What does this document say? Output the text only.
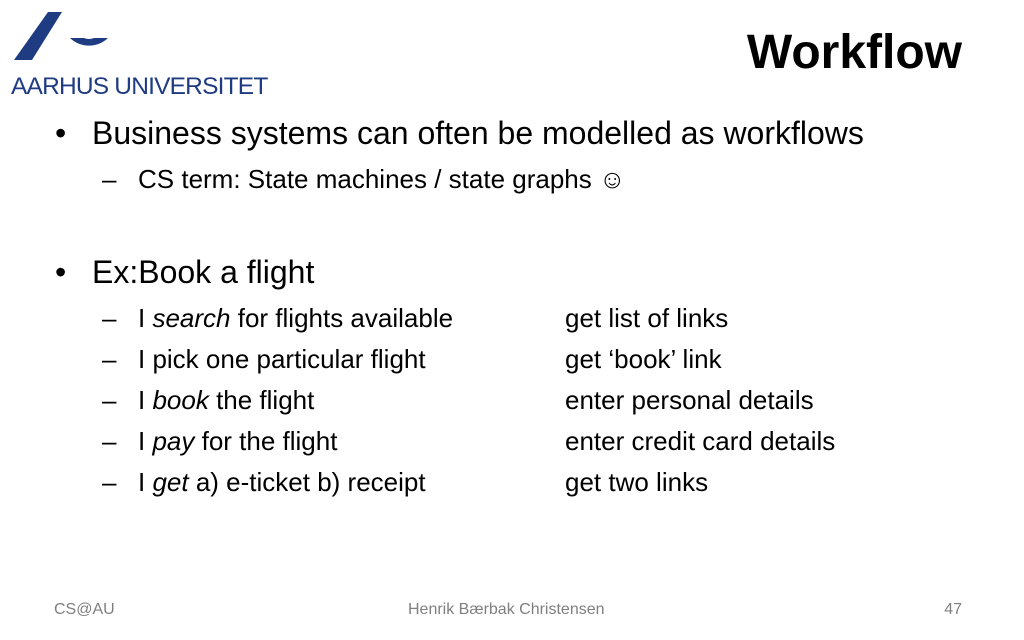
AARHUS UNIVERSITET
Workflow
• Business systems can often be modelled as workflows
– CS term: State machines / state graphs ☺
• Ex:Book a flight
– I search for flights available	get list of links
– I pick one particular flight	get ‘book’ link
– I book the flight	enter personal details
– I pay for the flight	enter credit card details
– I get a) e-ticket b) receipt	get two links
CS@AU	Henrik Bærbak Christensen	47
